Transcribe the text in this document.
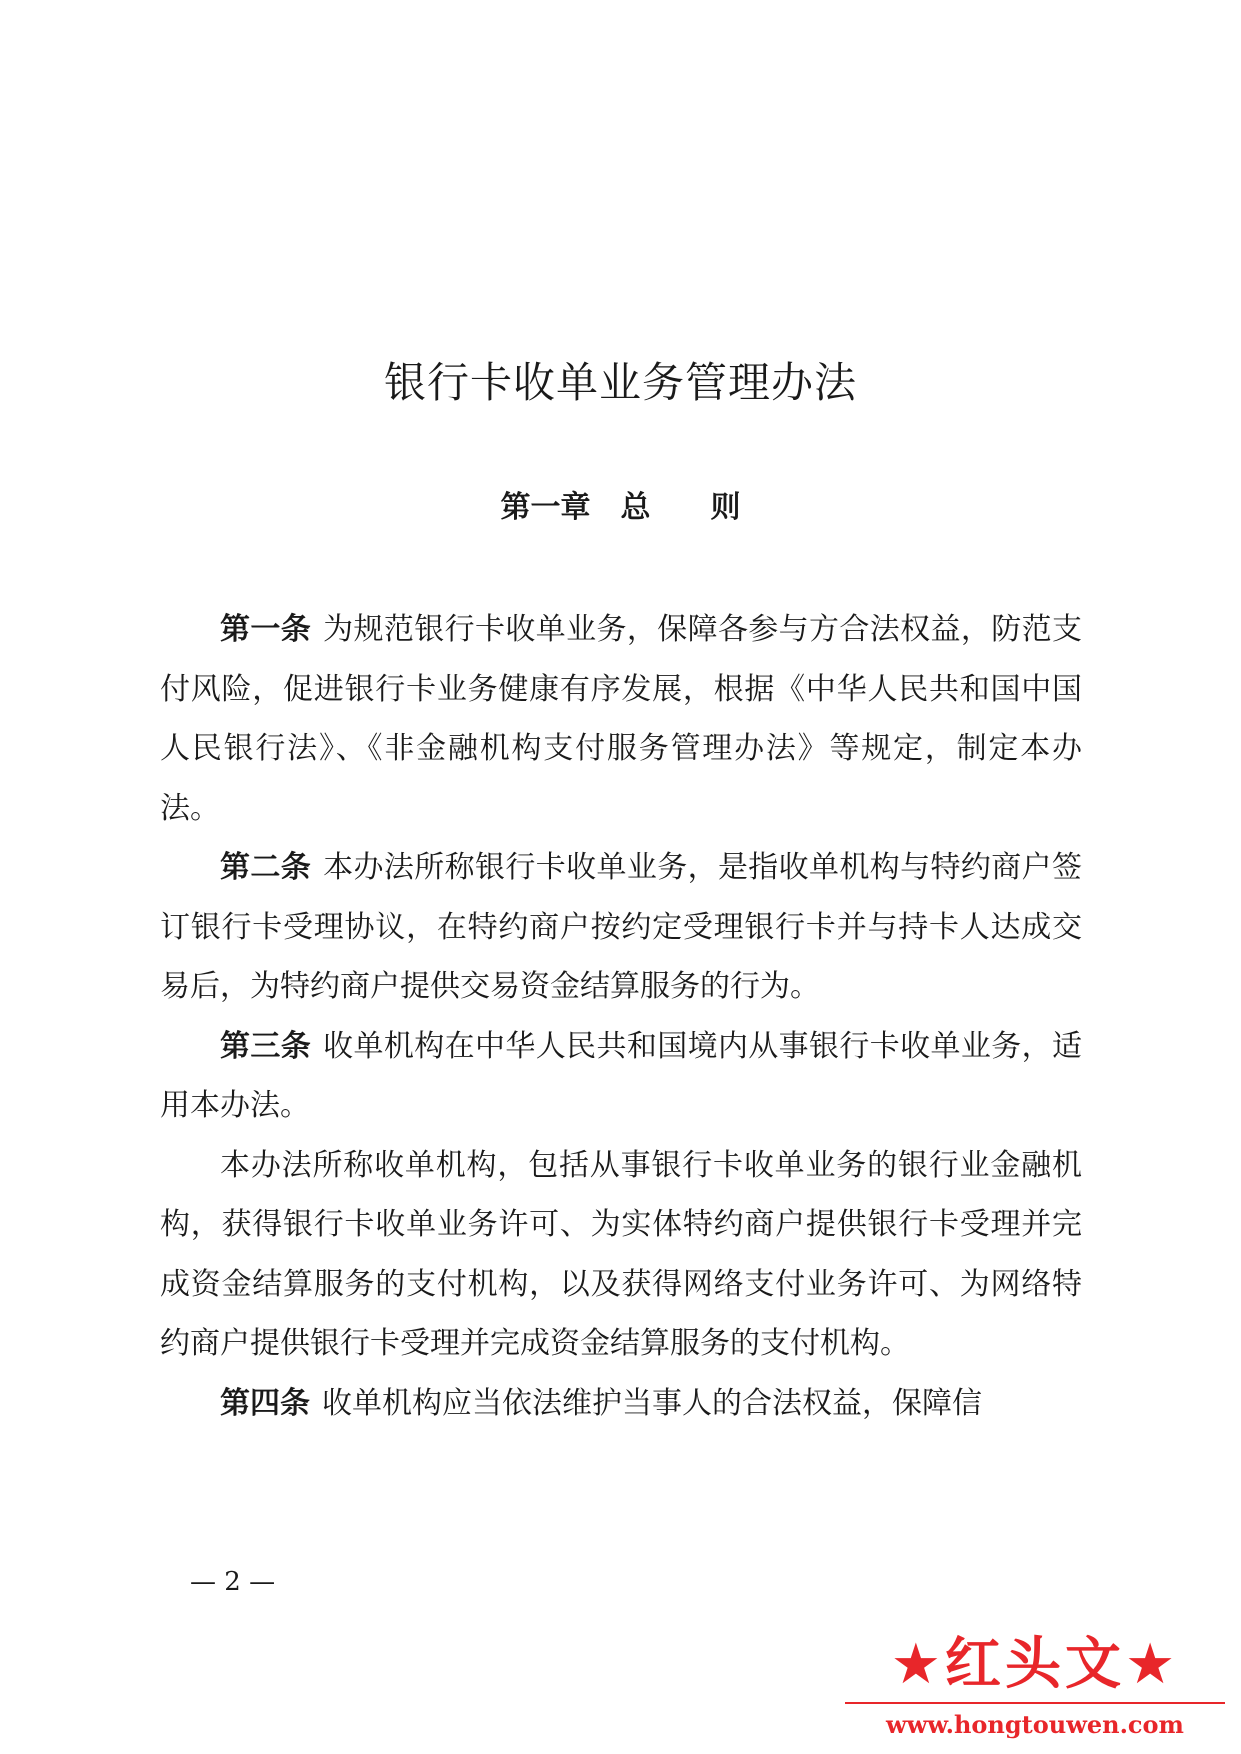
银行卡收单业务管理办法
第一章 总 则

第一条 为规范银行卡收单业务，保障各参与方合法权益，防范支付风险，促进银行卡业务健康有序发展，根据《中华人民共和国中国人民银行法》、《非金融机构支付服务管理办法》等规定，制定本办法。

第二条 本办法所称银行卡收单业务，是指收单机构与特约商户签订银行卡受理协议，在特约商户按约定受理银行卡并与持卡人达成交易后，为特约商户提供交易资金结算服务的行为。

第三条 收单机构在中华人民共和国境内从事银行卡收单业务，适用本办法。

本办法所称收单机构，包括从事银行卡收单业务的银行业金融机构，获得银行卡收单业务许可、为实体特约商户提供银行卡受理并完成资金结算服务的支付机构，以及获得网络支付业务许可、为网络特约商户提供银行卡受理并完成资金结算服务的支付机构。

第四条 收单机构应当依法维护当事人的合法权益，保障信

— 2 —
★红头文★
www.hongtouwen.com
